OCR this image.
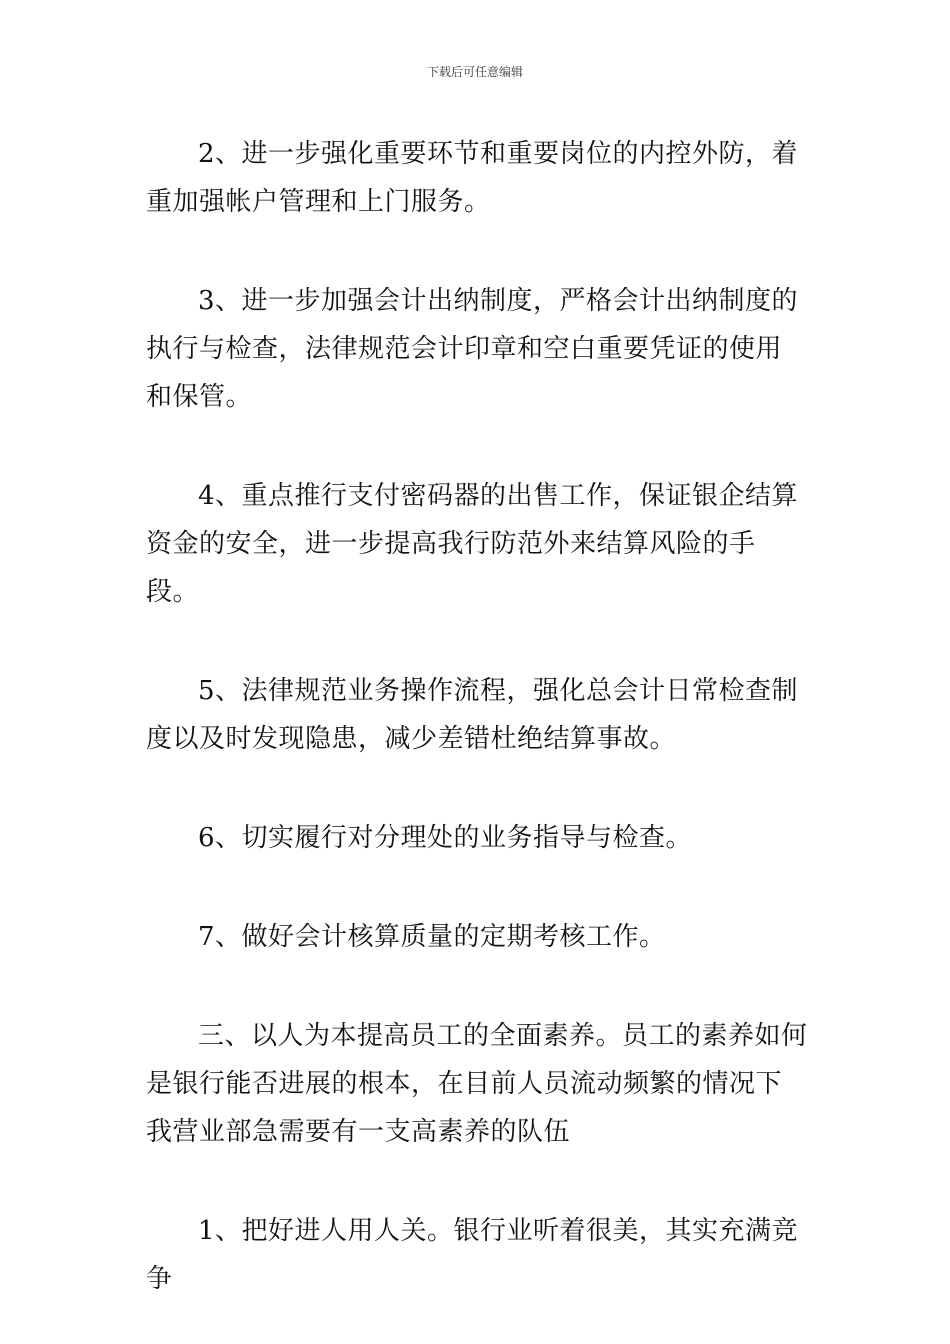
下载后可任意编辑

2、进一步强化重要环节和重要岗位的内控外防，着重加强帐户管理和上门服务。

3、进一步加强会计出纳制度，严格会计出纳制度的执行与检查，法律规范会计印章和空白重要凭证的使用和保管。

4、重点推行支付密码器的出售工作，保证银企结算资金的安全，进一步提高我行防范外来结算风险的手段。

5、法律规范业务操作流程，强化总会计日常检查制度以及时发现隐患，减少差错杜绝结算事故。

6、切实履行对分理处的业务指导与检查。

7、做好会计核算质量的定期考核工作。

三、以人为本提高员工的全面素养。员工的素养如何是银行能否进展的根本，在目前人员流动频繁的情况下我营业部急需要有一支高素养的队伍

1、把好进人用人关。银行业听着很美，其实充满竞争
